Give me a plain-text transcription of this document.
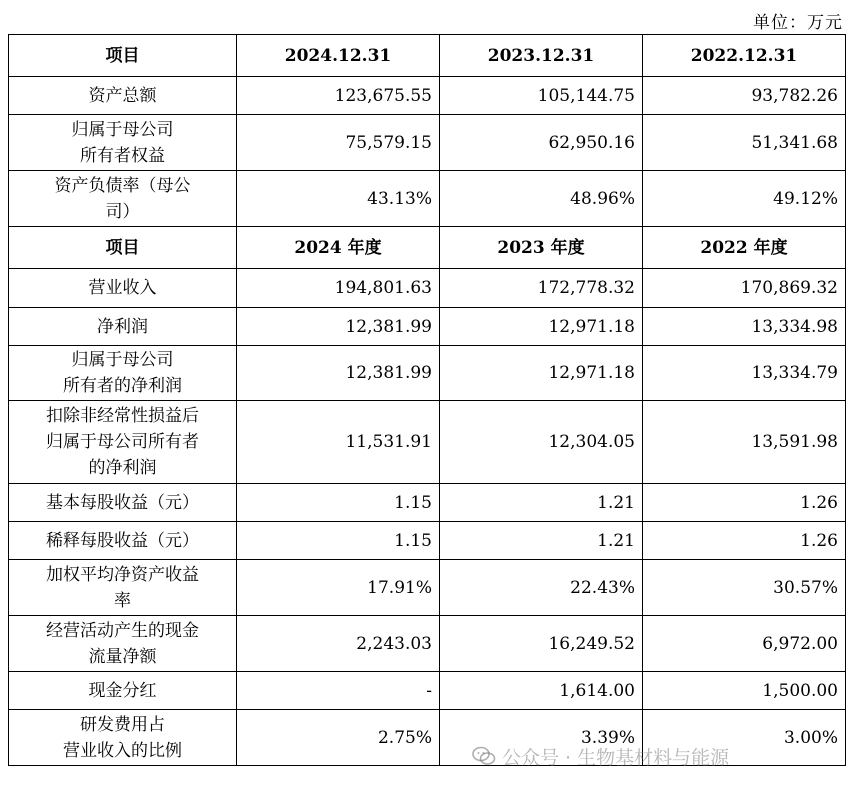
单位：万元
项目	2024.12.31	2023.12.31	2022.12.31
资产总额	123,675.55	105,144.75	93,782.26
归属于母公司
所有者权益	75,579.15	62,950.16	51,341.68
资产负债率（母公
司）	43.13%	48.96%	49.12%
项目	2024 年度	2023 年度	2022 年度
营业收入	194,801.63	172,778.32	170,869.32
净利润	12,381.99	12,971.18	13,334.98
归属于母公司
所有者的净利润	12,381.99	12,971.18	13,334.79
扣除非经常性损益后
归属于母公司所有者
的净利润	11,531.91	12,304.05	13,591.98
基本每股收益（元）	1.15	1.21	1.26
稀释每股收益（元）	1.15	1.21	1.26
加权平均净资产收益
率	17.91%	22.43%	30.57%
经营活动产生的现金
流量净额	2,243.03	16,249.52	6,972.00
现金分红	-	1,614.00	1,500.00
研发费用占
营业收入的比例	2.75%	3.39%	3.00%
公众号 · 生物基材料与能源
